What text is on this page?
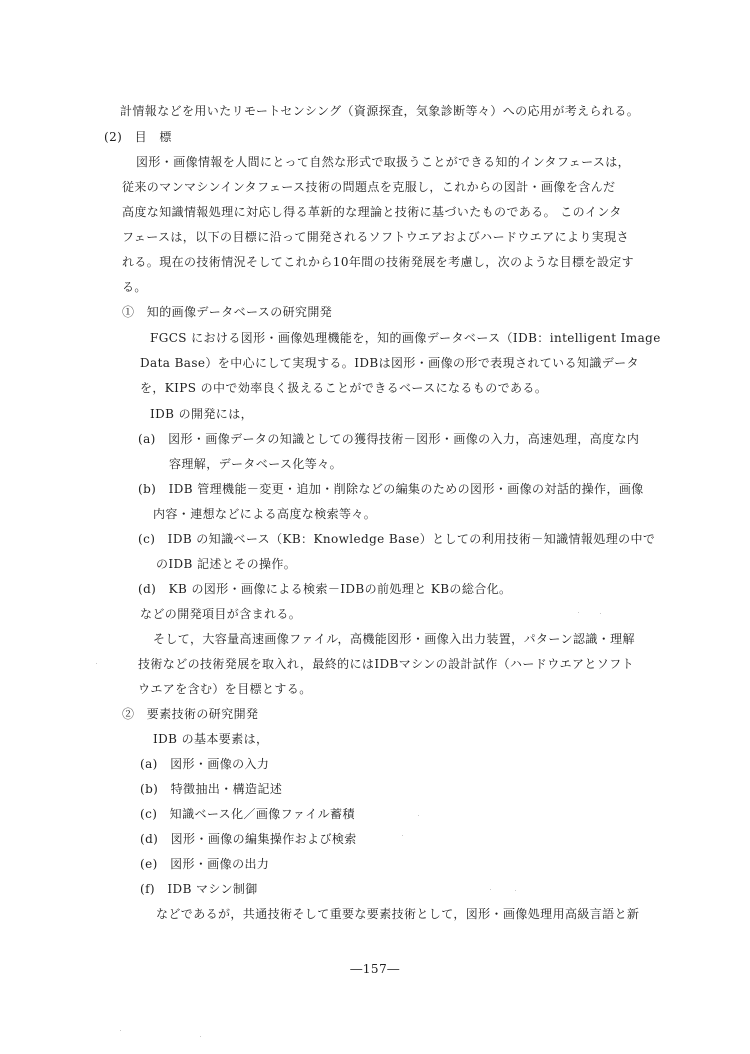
計情報などを用いたリモートセンシング（資源探査，気象診断等々）への応用が考えられる。
(2)　目　標
図形・画像情報を人間にとって自然な形式で取扱うことができる知的インタフェースは，
従来のマンマシンインタフェース技術の問題点を克服し，これからの図計・画像を含んだ
高度な知識情報処理に対応し得る革新的な理論と技術に基づいたものである。 このインタ
フェースは，以下の目標に沿って開発されるソフトウエアおよびハードウエアにより実現さ
れる。現在の技術情況そしてこれから10年間の技術発展を考慮し，次のような目標を設定す
る。
①　知的画像データベースの研究開発
FGCS における図形・画像処理機能を，知的画像データベース（IDB：intelligent Image
Data Base）を中心にして実現する。IDBは図形・画像の形で表現されている知識データ
を，KIPS の中で効率良く扱えることができるベースになるものである。
IDB の開発には，
(a)　図形・画像データの知識としての獲得技術－図形・画像の入力，高速処理，高度な内
容理解，データベース化等々。
(b)　IDB 管理機能－変更・追加・削除などの編集のための図形・画像の対話的操作，画像
内容・連想などによる高度な検索等々。
(c)　IDB の知識ベース（KB：Knowledge Base）としての利用技術－知識情報処理の中で
のIDB 記述とその操作。
(d)　KB の図形・画像による検索－IDBの前処理と KBの総合化。
などの開発項目が含まれる。
そして，大容量高速画像ファイル，高機能図形・画像入出力装置，パターン認識・理解
技術などの技術発展を取入れ，最終的にはIDBマシンの設計試作（ハードウエアとソフト
ウエアを含む）を目標とする。
②　要素技術の研究開発
IDB の基本要素は，
(a)　図形・画像の入力
(b)　特徴抽出・構造記述
(c)　知識ベース化／画像ファイル蓄積
(d)　図形・画像の編集操作および検索
(e)　図形・画像の出力
(f)　IDB マシン制御
などであるが，共通技術そして重要な要素技術として，図形・画像処理用高級言語と新
―157―
